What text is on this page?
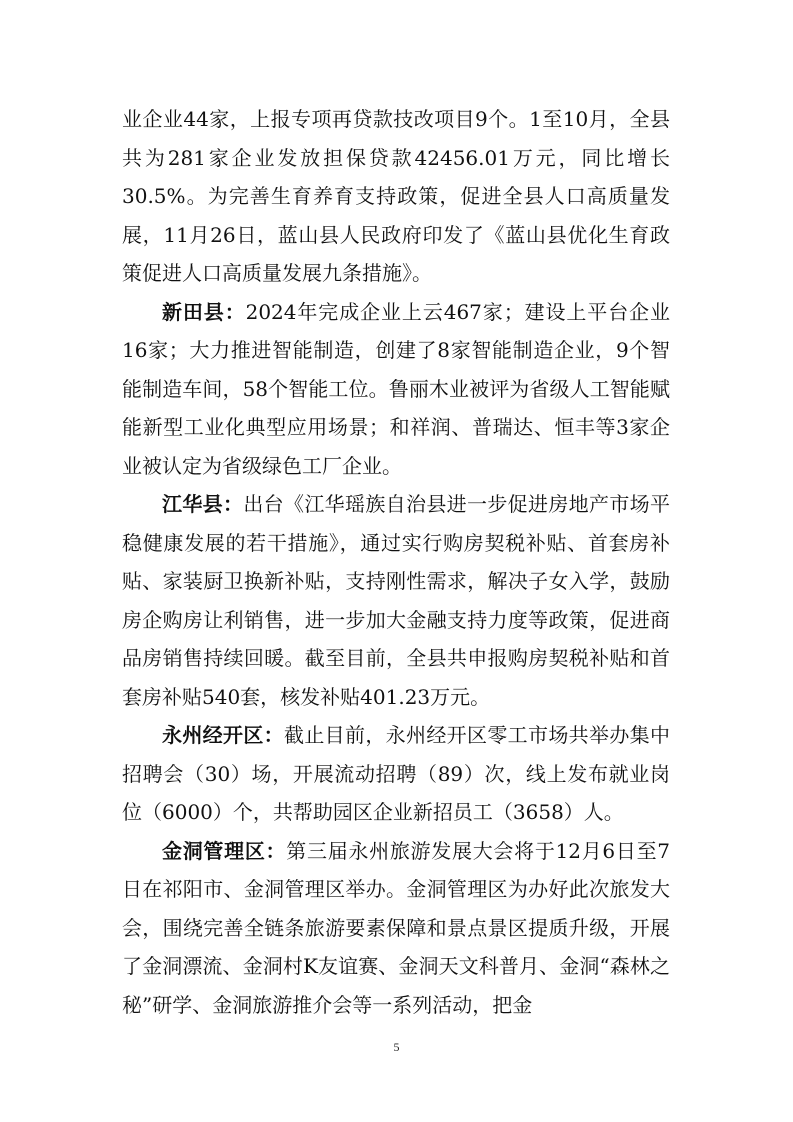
业企业44家，上报专项再贷款技改项目9个。1至10月，全县共为281家企业发放担保贷款42456.01万元，同比增长30.5%。为完善生育养育支持政策，促进全县人口高质量发展，11月26日，蓝山县人民政府印发了《蓝山县优化生育政策促进人口高质量发展九条措施》。

新田县：2024年完成企业上云467家；建设上平台企业16家；大力推进智能制造，创建了8家智能制造企业，9个智能制造车间，58个智能工位。鲁丽木业被评为省级人工智能赋能新型工业化典型应用场景；和祥润、普瑞达、恒丰等3家企业被认定为省级绿色工厂企业。

江华县：出台《江华瑶族自治县进一步促进房地产市场平稳健康发展的若干措施》，通过实行购房契税补贴、首套房补贴、家装厨卫换新补贴，支持刚性需求，解决子女入学，鼓励房企购房让利销售，进一步加大金融支持力度等政策，促进商品房销售持续回暖。截至目前，全县共申报购房契税补贴和首套房补贴540套，核发补贴401.23万元。

永州经开区：截止目前，永州经开区零工市场共举办集中招聘会（30）场，开展流动招聘（89）次，线上发布就业岗位（6000）个，共帮助园区企业新招员工（3658）人。

金洞管理区：第三届永州旅游发展大会将于12月6日至7日在祁阳市、金洞管理区举办。金洞管理区为办好此次旅发大会，围绕完善全链条旅游要素保障和景点景区提质升级，开展了金洞漂流、金洞村K友谊赛、金洞天文科普月、金洞“森林之秘”研学、金洞旅游推介会等一系列活动，把金

5
